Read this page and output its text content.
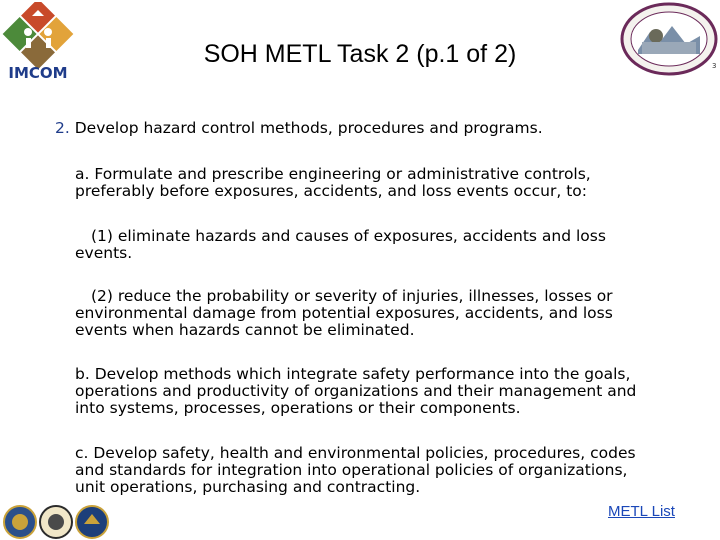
IMCOM
SOH METL Task 2 (p.1 of 2)	3

2. Develop hazard control methods, procedures and programs.

a. Formulate and prescribe engineering or administrative controls,
preferably before exposures, accidents, and loss events occur, to:

(1) eliminate hazards and causes of exposures, accidents and loss
events.

(2) reduce the probability or severity of injuries, illnesses, losses or
environmental damage from potential exposures, accidents, and loss
events when hazards cannot be eliminated.

b. Develop methods which integrate safety performance into the goals,
operations and productivity of organizations and their management and
into systems, processes, operations or their components.

c. Develop safety, health and environmental policies, procedures, codes
and standards for integration into operational policies of organizations,
unit operations, purchasing and contracting.

METL List
